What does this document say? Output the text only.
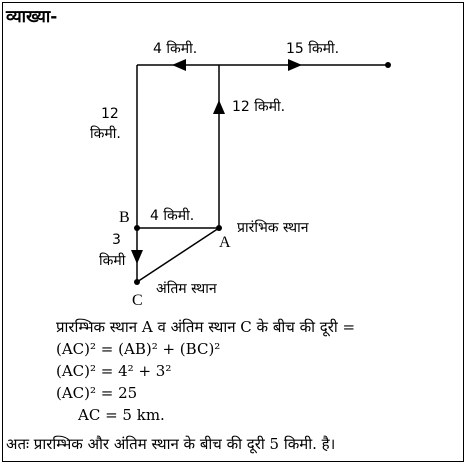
व्याख्या-
4 किमी.	15 किमी.
12 किमी.
12
किमी.
4 किमी.
3
किमी
प्रारंभिक स्थान
अंतिम स्थान
B
A
C
प्रारम्भिक स्थान A व अंतिम स्थान C के बीच की दूरी =
(AC)² = (AB)² + (BC)²
(AC)² = 4² + 3²
(AC)² = 25
AC = 5 km.
अतः प्रारम्भिक और अंतिम स्थान के बीच की दूरी 5 किमी. है।
